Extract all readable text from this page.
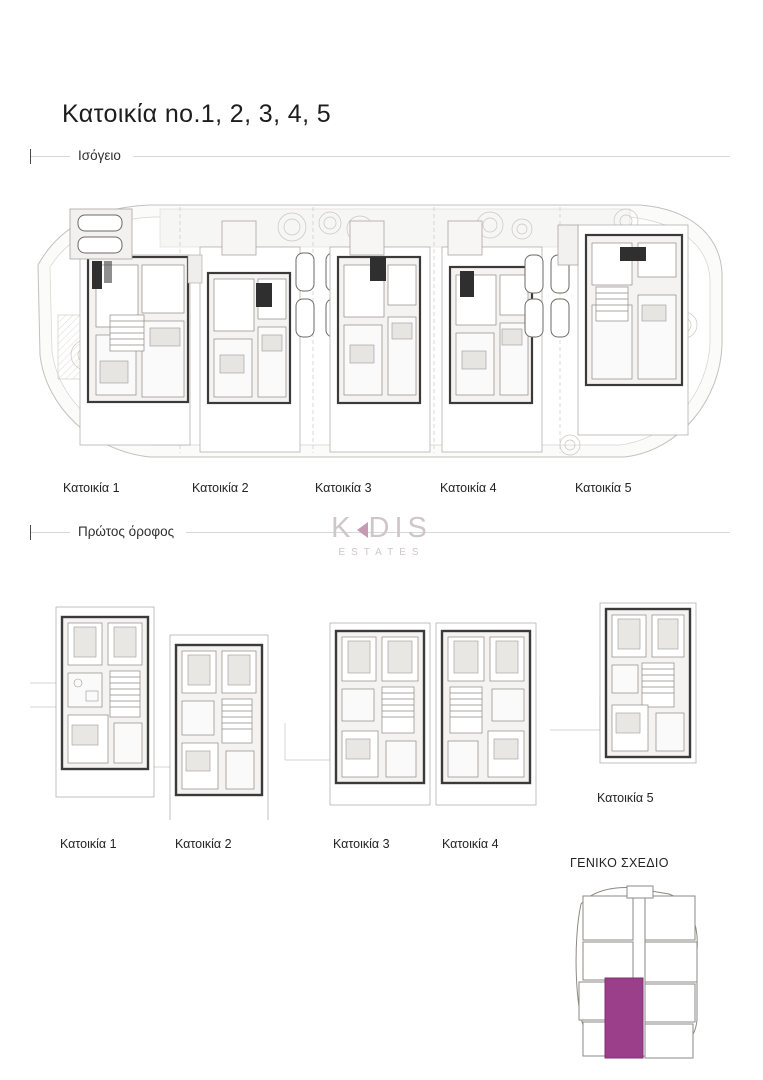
Κατοικία no.1, 2, 3, 4, 5
Ισόγειο
Κατοικία 1	Κατοικία 2	Κατοικία 3	Κατοικία 4	Κατοικία 5
Πρώτος όροφος	K DIS
ESTATES
Κατοικία 5
Κατοικία 1	Κατοικία 2	Κατοικία 3	Κατοικία 4
ΓΕΝΙΚΟ ΣΧΕΔΙΟ
